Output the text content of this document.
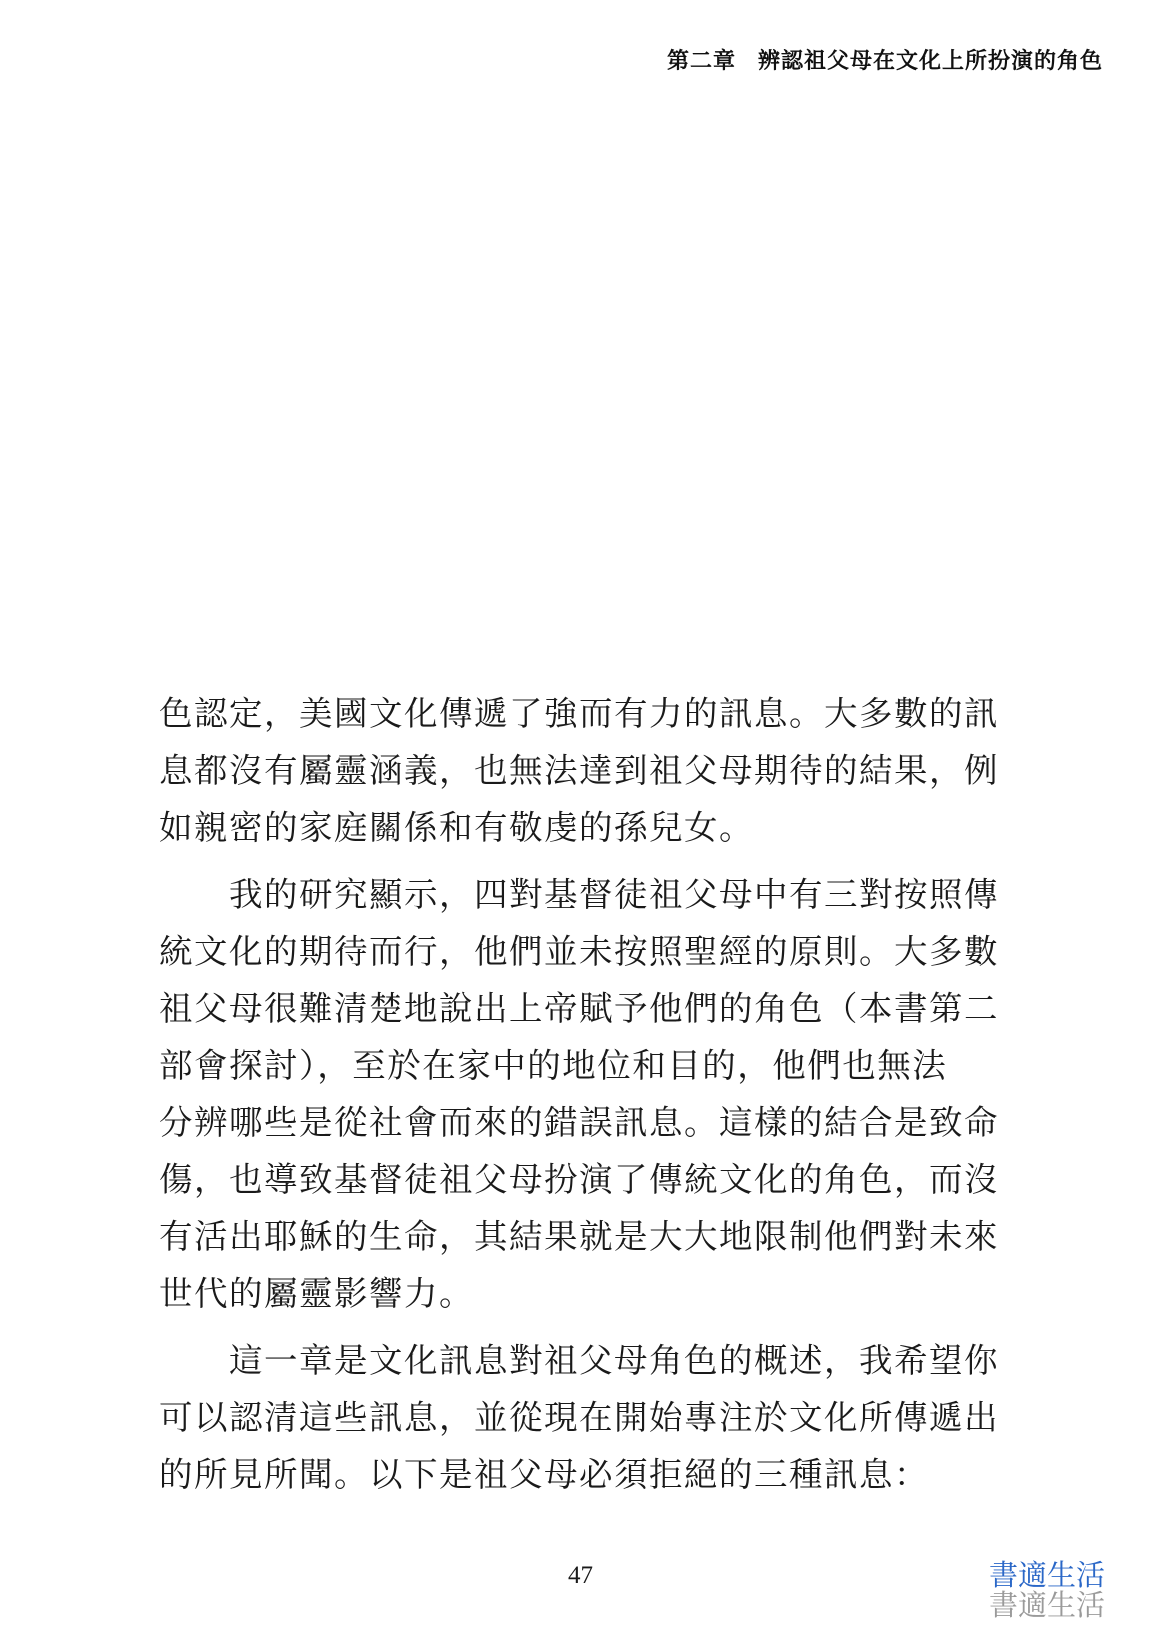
第二章 辨認祖父母在文化上所扮演的角色
色認定，美國文化傳遞了強而有力的訊息。大多數的訊
息都沒有屬靈涵義，也無法達到祖父母期待的結果，例
如親密的家庭關係和有敬虔的孫兒女。
　　我的研究顯示，四對基督徒祖父母中有三對按照傳
統文化的期待而行，他們並未按照聖經的原則。大多數
祖父母很難清楚地說出上帝賦予他們的角色（本書第二
部會探討），至於在家中的地位和目的，他們也無法
分辨哪些是從社會而來的錯誤訊息。這樣的結合是致命
傷，也導致基督徒祖父母扮演了傳統文化的角色，而沒
有活出耶穌的生命，其結果就是大大地限制他們對未來
世代的屬靈影響力。
　　這一章是文化訊息對祖父母角色的概述，我希望你
可以認清這些訊息，並從現在開始專注於文化所傳遞出
的所見所聞。以下是祖父母必須拒絕的三種訊息：
47	書適生活
書適生活
